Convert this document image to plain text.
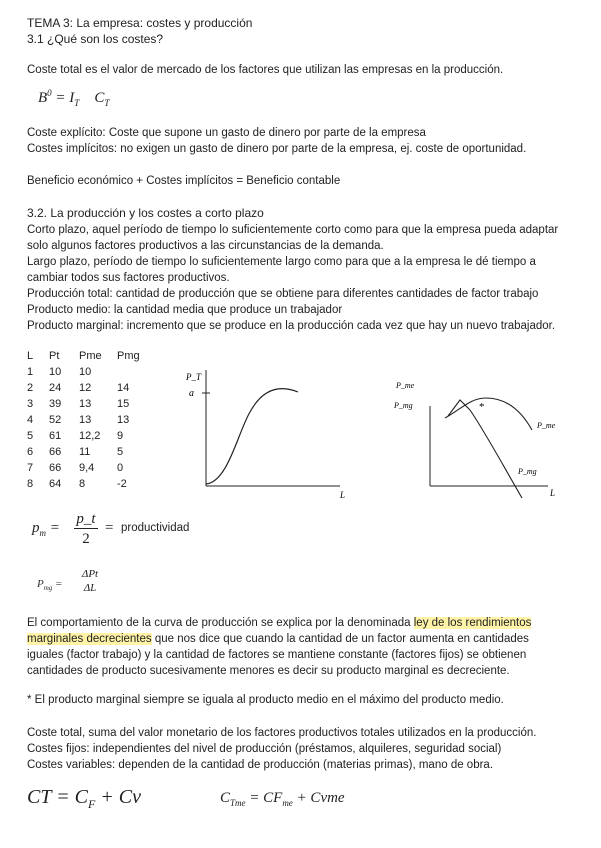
TEMA 3: La empresa: costes y producción
3.1 ¿Qué son los costes?
Coste total es el valor de mercado de los factores que utilizan las empresas en la producción.
$B^0 = I_T$    $C_T$
Coste explícito: Coste que supone un gasto de dinero por parte de la empresa
Costes implícitos: no exigen un gasto de dinero por parte de la empresa, ej. coste de oportunidad.
Beneficio económico + Costes implícitos = Beneficio contable
3.2. La producción y los costes a corto plazo
Corto plazo, aquel período de tiempo lo suficientemente corto como para que la empresa pueda adaptar
solo algunos factores productivos a las circunstancias de la demanda.
Largo plazo, período de tiempo lo suficientemente largo como para que a la empresa le dé tiempo a
cambiar todos sus factores productivos.
Producción total: cantidad de producción que se obtiene para diferentes cantidades de factor trabajo
Producto medio: la cantidad media que produce un trabajador
Producto marginal: incremento que se produce en la producción cada vez que hay un nuevo trabajador.
L	Pt	Pme	Pmg
1	10	10	
2	24	12	14
3	39	13	15
4	52	13	13
5	61	12,2	9
6	66	11	5
7	66	9,4	0
8	64	8	-2
P_T
a
L
P_me
P_mg	*
P_me
P_mg
L
$p_m = \frac{p\_t}{2}$ = productividad
$P_{mg}$ =
ΔPt
ΔL
El comportamiento de la curva de producción se explica por la denominada ley de los rendimientos
marginales decrecientes que nos dice que cuando la cantidad de un factor aumenta en cantidades
iguales (factor trabajo) y la cantidad de factores se mantiene constante (factores fijos) se obtienen
cantidades de producto sucesivamente menores es decir su producto marginal es decreciente.
* El producto marginal siempre se iguala al producto medio en el máximo del producto medio.
Coste total, suma del valor monetario de los factores productivos totales utilizados en la producción.
Costes fijos: independientes del nivel de producción (préstamos, alquileres, seguridad social)
Costes variables: dependen de la cantidad de producción (materias primas), mano de obra.
CT = $C_F + Cv$	$C_{Tme} = CF_{me}$ + Cvme
